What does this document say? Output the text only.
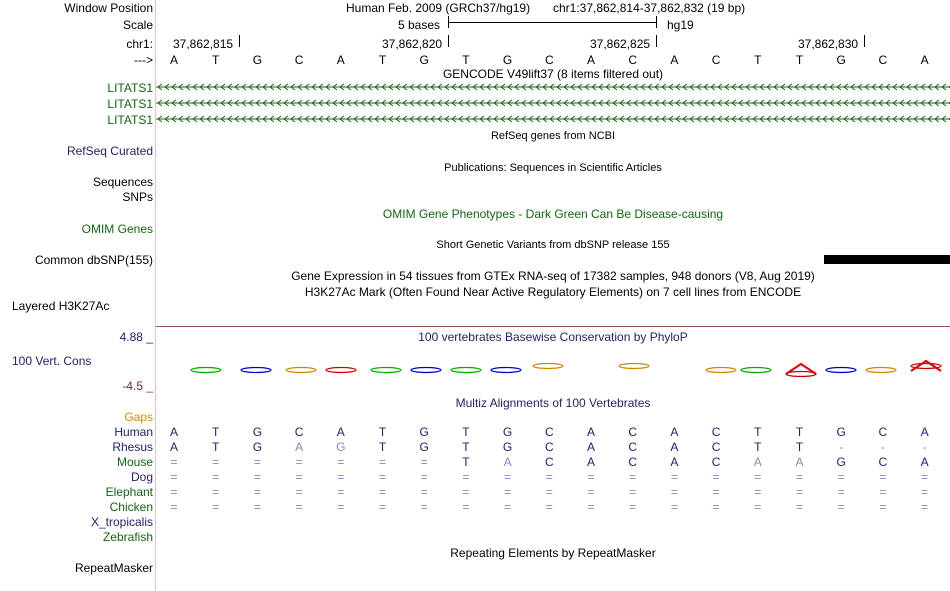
Window Position	Human Feb. 2009 (GRCh37/hg19) chr1:37,862,814-37,862,832 (19 bp)
Scale	5 bases	hg19
chr1: 37,862,815	37,862,820	37,862,825	37,862,830
--->	A	T	G	C	A	T	G	T	G	C	A	C	A	C	T	T	G	C	A
GENCODE V49lift37 (8 items filtered out)
LITATS1
LITATS1
LITATS1
RefSeq genes from NCBI
RefSeq Curated
Publications: Sequences in Scientific Articles
Sequences
SNPs
OMIM Gene Phenotypes - Dark Green Can Be Disease-causing
OMIM Genes
Short Genetic Variants from dbSNP release 155
Common dbSNP(155)
Gene Expression in 54 tissues from GTEx RNA-seq of 17382 samples, 948 donors (V8, Aug 2019)
H3K27Ac Mark (Often Found Near Active Regulatory Elements) on 7 cell lines from ENCODE
Layered H3K27Ac
100 vertebrates Basewise Conservation by PhyloP
4.88 _
100 Vert. Cons
-4.5 _
Multiz Alignments of 100 Vertebrates
Gaps
Human	A	T	G	C	A	T	G	T	G	C	A	C	A	C	T	T	G	C	A
Rhesus	A	T	G	A	G	T	G	T	G	C	A	C	A	C	T	T	-	-	-
Mouse	=	=	=	=	=	=	=	T	A	C	A	C	A	C	A	A	G	C	A
Dog	=	=	=	=	=	=	=	=	=	=	=	=	=	=	=	=	=	=	=
Elephant	=	=	=	=	=	=	=	=	=	=	=	=	=	=	=	=	=	=	=
Chicken	=	=	=	=	=	=	=	=	=	=	=	=	=	=	=	=	=	=	=
X_tropicalis
Zebrafish
Repeating Elements by RepeatMasker
RepeatMasker
